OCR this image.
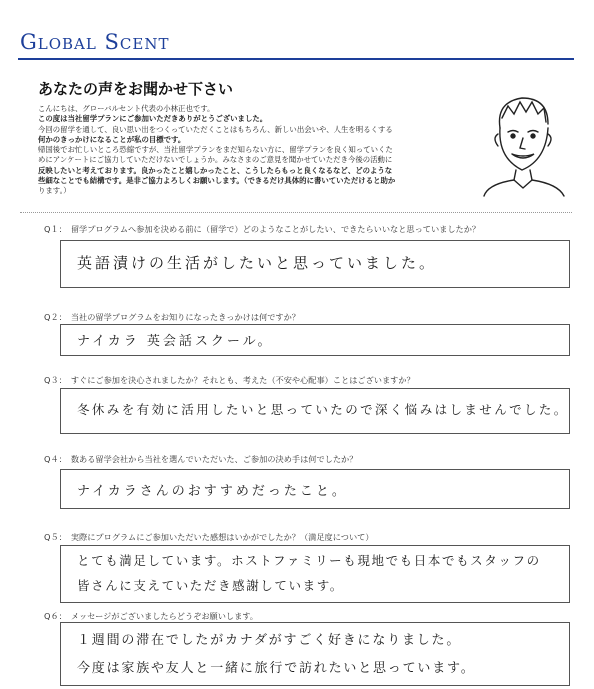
Global Scent
あなたの声をお聞かせ下さい
こんにちは、グローバルセント代表の小林正也です。
この度は当社留学プランにご参加いただきありがとうございました。
今回の留学を通して、良い思い出をつくっていただくことはもちろん、新しい出会いや、人生を明るくする
何かのきっかけになることが私の目標です。
帰国後でお忙しいところ恐縮ですが、当社留学プランをまだ知らない方に、留学プランを良く知っていくた
めにアンケートにご協力していただけないでしょうか。みなさまのご意見を聞かせていただき今後の活動に
反映したいと考えております。良かったこと嬉しかったこと、こうしたらもっと良くなるなど、どのような
些細なことでも結構です。是非ご協力よろしくお願いします。（できるだけ具体的に書いていただけると助か
ります。）
Q１： 留学プログラムへ参加を決める前に（留学で）どのようなことがしたい、できたらいいなと思っていましたか？
英語漬けの生活がしたいと思っていました。
Q２： 当社の留学プログラムをお知りになったきっかけは何ですか？
ナイカラ 英会話スクール。
Q３： すぐにご参加を決心されましたか？それとも、考えた（不安や心配事）ことはございますか？
冬休みを有効に活用したいと思っていたので深く悩みはしませんでした。
Q４： 数ある留学会社から当社を選んでいただいた、ご参加の決め手は何でしたか？
ナイカラさんのおすすめだったこと。
Q５： 実際にプログラムにご参加いただいた感想はいかがでしたか？（満足度について）
とても満足しています。ホストファミリーも現地でも日本でもスタッフの
皆さんに支えていただき感謝しています。
Q６： メッセージがございましたらどうぞお願いします。
１週間の滞在でしたがカナダがすごく好きになりました。
今度は家族や友人と一緒に旅行で訪れたいと思っています。
